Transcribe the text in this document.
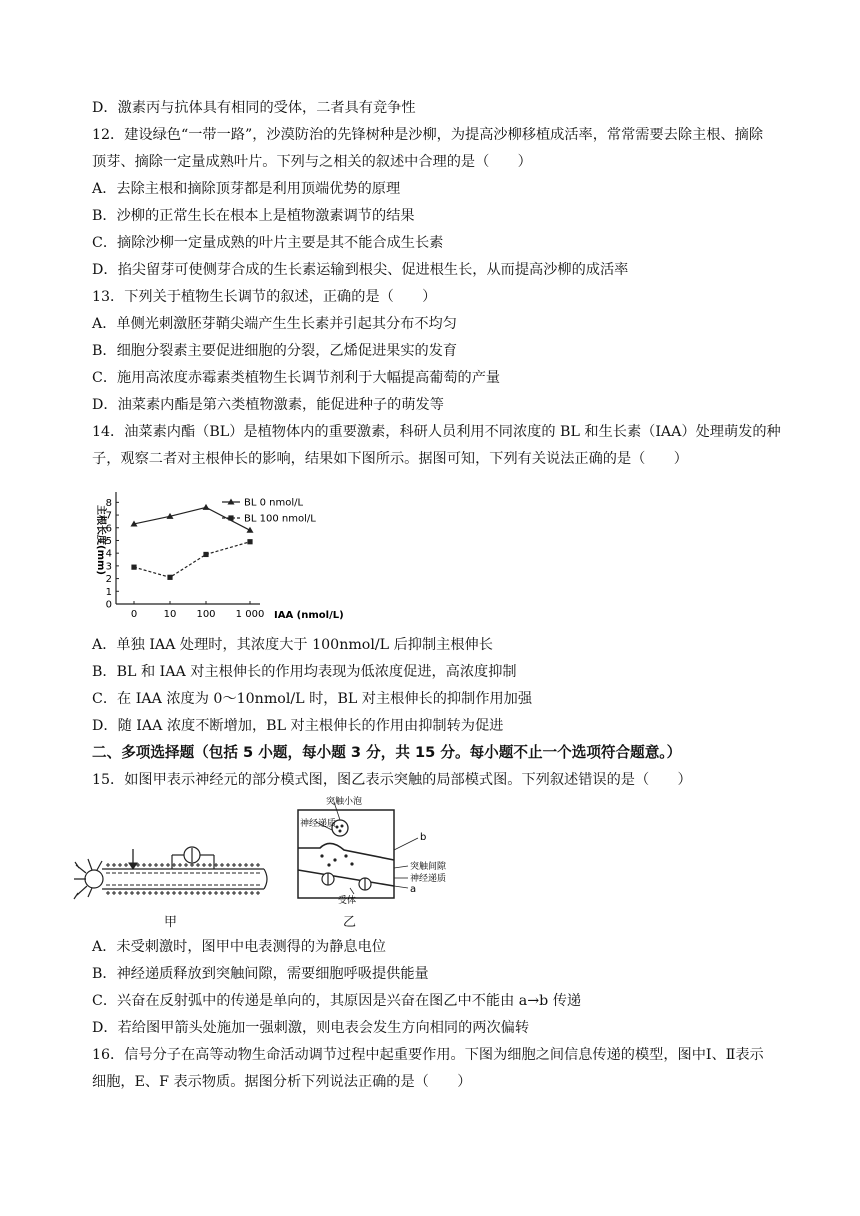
D．激素丙与抗体具有相同的受体，二者具有竞争性
12．建设绿色“一带一路”，沙漠防治的先锋树种是沙柳，为提高沙柳移植成活率，常常需要去除主根、摘除
顶芽、摘除一定量成熟叶片。下列与之相关的叙述中合理的是（　　）
A．去除主根和摘除顶芽都是利用顶端优势的原理
B．沙柳的正常生长在根本上是植物激素调节的结果
C．摘除沙柳一定量成熟的叶片主要是其不能合成生长素
D．掐尖留芽可使侧芽合成的生长素运输到根尖、促进根生长，从而提高沙柳的成活率
13．下列关于植物生长调节的叙述，正确的是（　　）
A．单侧光刺激胚芽鞘尖端产生生长素并引起其分布不均匀
B．细胞分裂素主要促进细胞的分裂，乙烯促进果实的发育
C．施用高浓度赤霉素类植物生长调节剂利于大幅提高葡萄的产量
D．油菜素内酯是第六类植物激素，能促进种子的萌发等
14．油菜素内酯（BL）是植物体内的重要激素，科研人员利用不同浓度的 BL 和生长素（IAA）处理萌发的种
子，观察二者对主根伸长的影响，结果如下图所示。据图可知，下列有关说法正确的是（　　）
主根长度(mm)
0
1
2
3
4
5
6
7
8
0	10 100 1 000 IAA (nmol/L)
BL 0 nmol/L
BL 100 nmol/L
A．单独 IAA 处理时，其浓度大于 100nmol/L 后抑制主根伸长
B．BL 和 IAA 对主根伸长的作用均表现为低浓度促进，高浓度抑制
C．在 IAA 浓度为 0～10nmol/L 时，BL 对主根伸长的抑制作用加强
D．随 IAA 浓度不断增加，BL 对主根伸长的作用由抑制转为促进
二、多项选择题（包括 5 小题，每小题 3 分，共 15 分。每小题不止一个选项符合题意。）
15．如图甲表示神经元的部分模式图，图乙表示突触的局部模式图。下列叙述错误的是（　　）
甲
突触小泡
神经递质
b
突触间隙
神经递质
a
受体
乙
A．未受刺激时，图甲中电表测得的为静息电位
B．神经递质释放到突触间隙，需要细胞呼吸提供能量
C．兴奋在反射弧中的传递是单向的，其原因是兴奋在图乙中不能由 a→b 传递
D．若给图甲箭头处施加一强刺激，则电表会发生方向相同的两次偏转
16．信号分子在高等动物生命活动调节过程中起重要作用。下图为细胞之间信息传递的模型，图中Ⅰ、Ⅱ表示
细胞，E、F 表示物质。据图分析下列说法正确的是（　　）
